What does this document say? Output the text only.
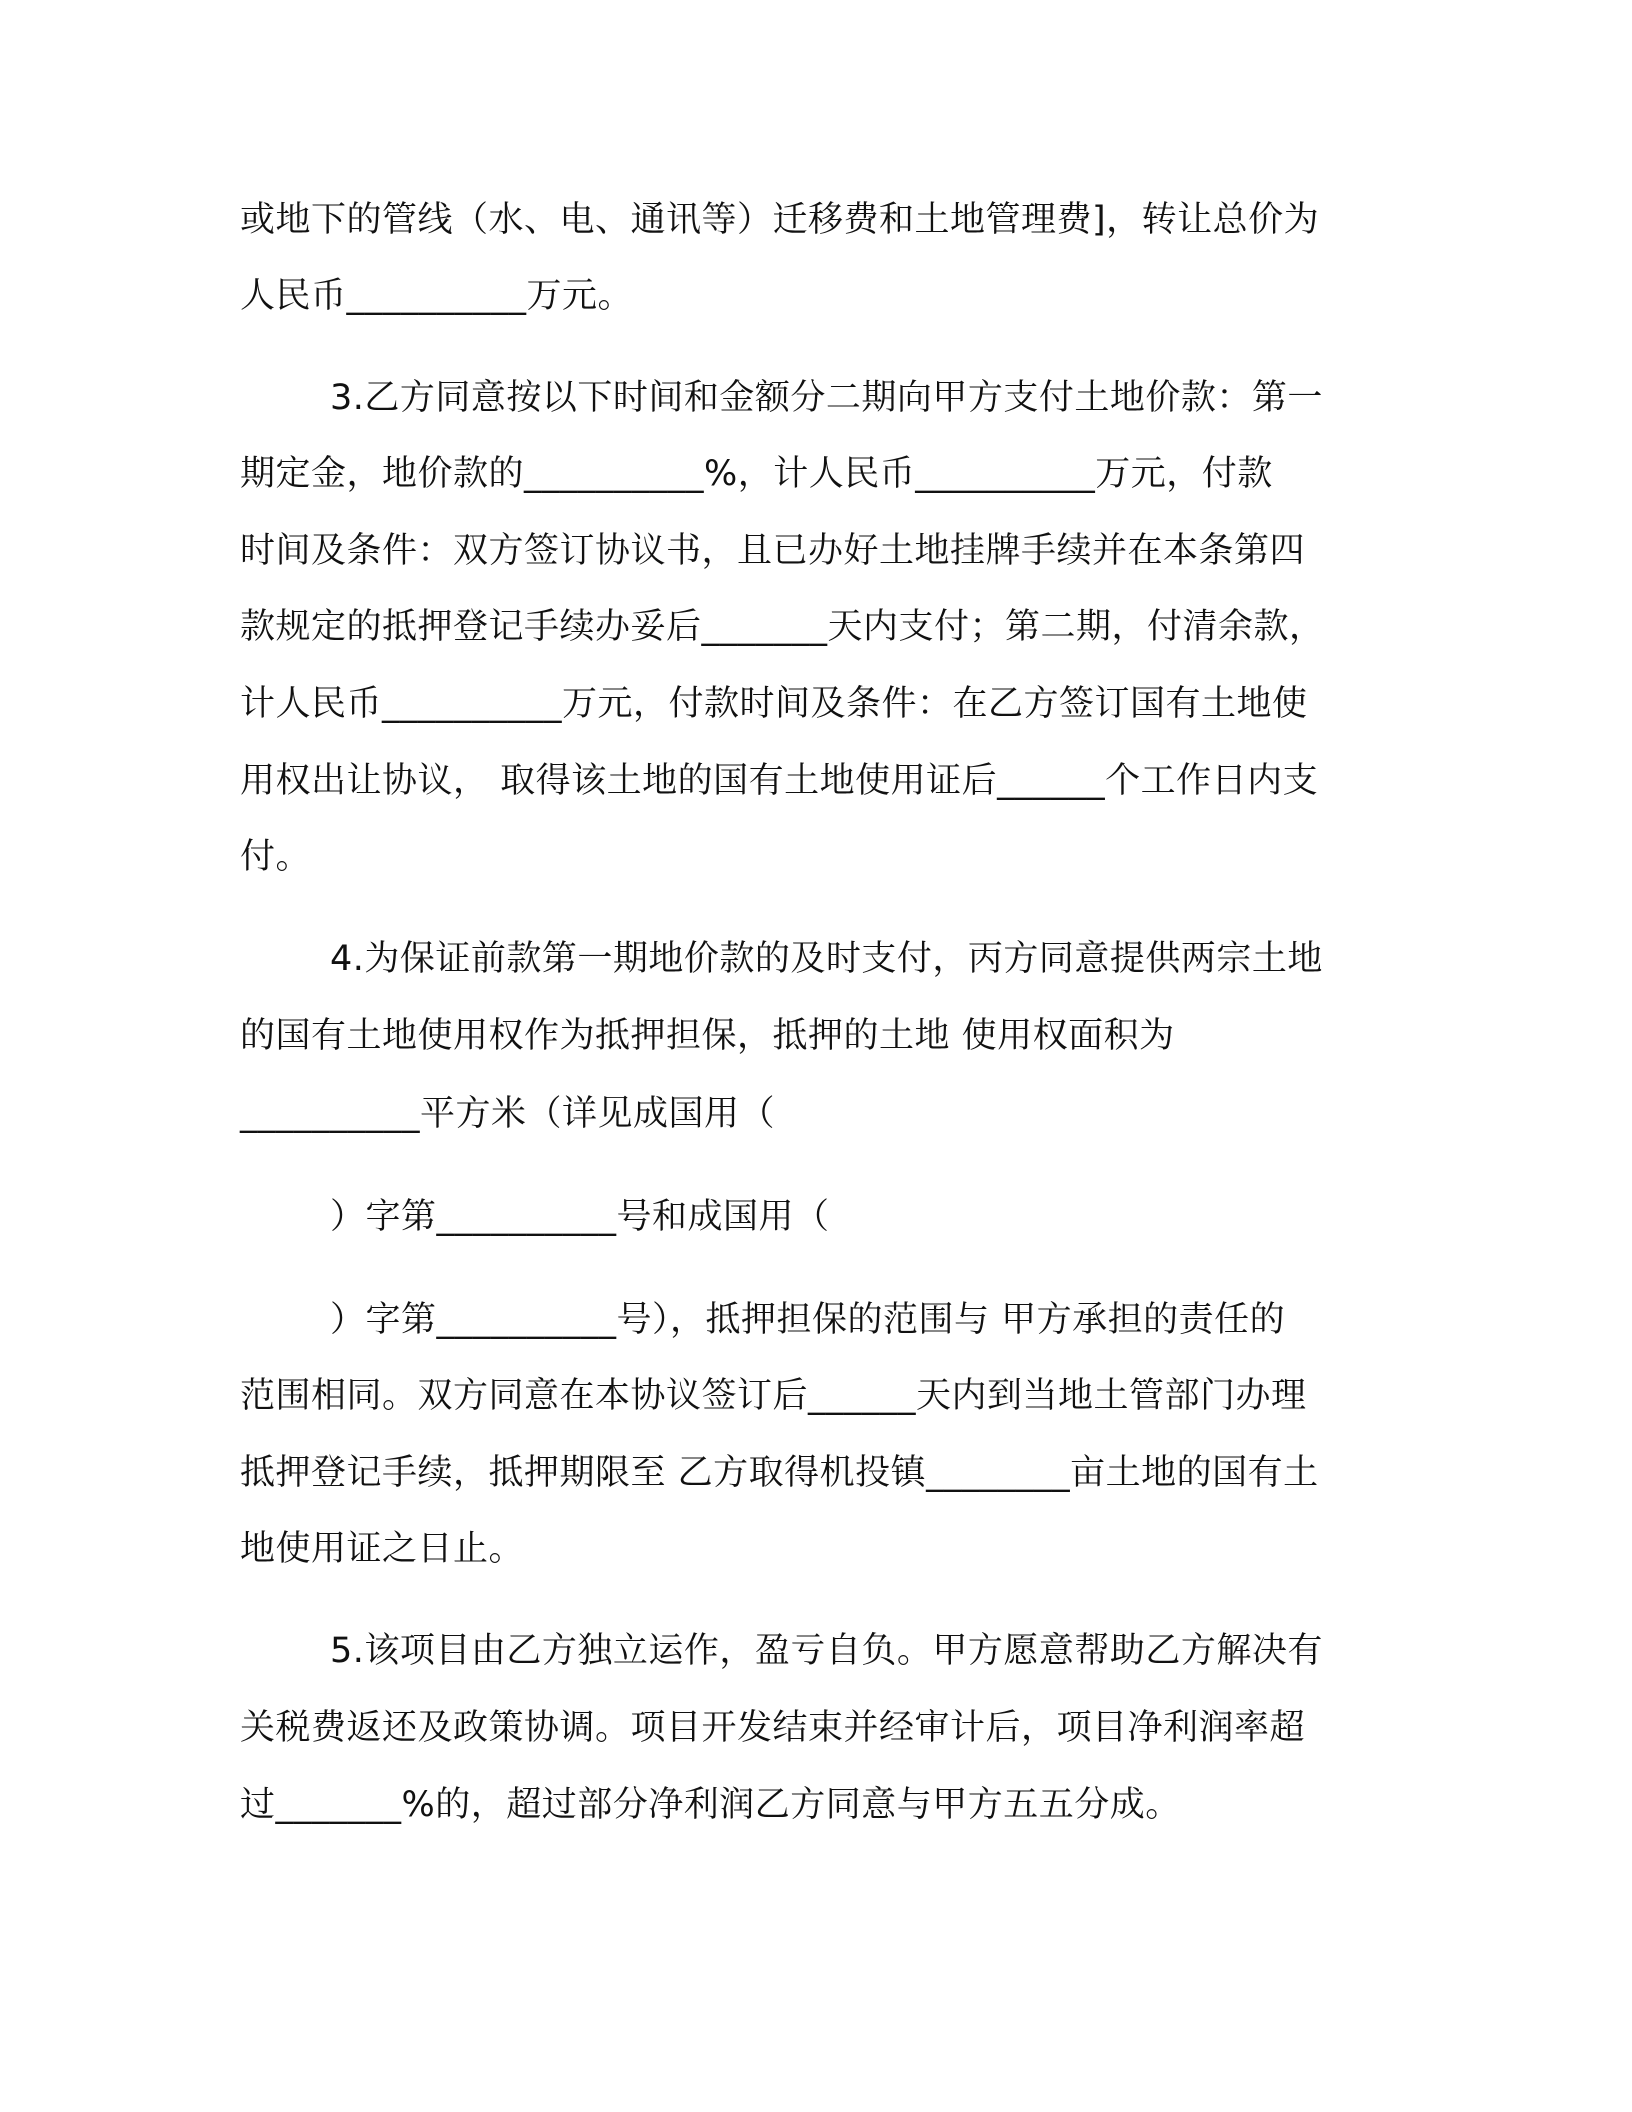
或地下的管线（水、电、通讯等）迁移费和土地管理费]，转让总价为

人民币__________万元。

3.乙方同意按以下时间和金额分二期向甲方支付土地价款：第一

期定金，地价款的__________%，计人民币__________万元，付款

时间及条件：双方签订协议书，且已办好土地挂牌手续并在本条第四

款规定的抵押登记手续办妥后_______天内支付；第二期，付清余款，

计人民币__________万元，付款时间及条件：在乙方签订国有土地使

用权出让协议， 取得该土地的国有土地使用证后______个工作日内支

付。

4.为保证前款第一期地价款的及时支付，丙方同意提供两宗土地

的国有土地使用权作为抵押担保，抵押的土地 使用权面积为

__________平方米（详见成国用（

）字第__________号和成国用（

）字第__________号），抵押担保的范围与 甲方承担的责任的

范围相同。双方同意在本协议签订后______天内到当地土管部门办理

抵押登记手续，抵押期限至 乙方取得机投镇________亩土地的国有土

地使用证之日止。

5.该项目由乙方独立运作，盈亏自负。甲方愿意帮助乙方解决有

关税费返还及政策协调。项目开发结束并经审计后，项目净利润率超

过_______%的，超过部分净利润乙方同意与甲方五五分成。
